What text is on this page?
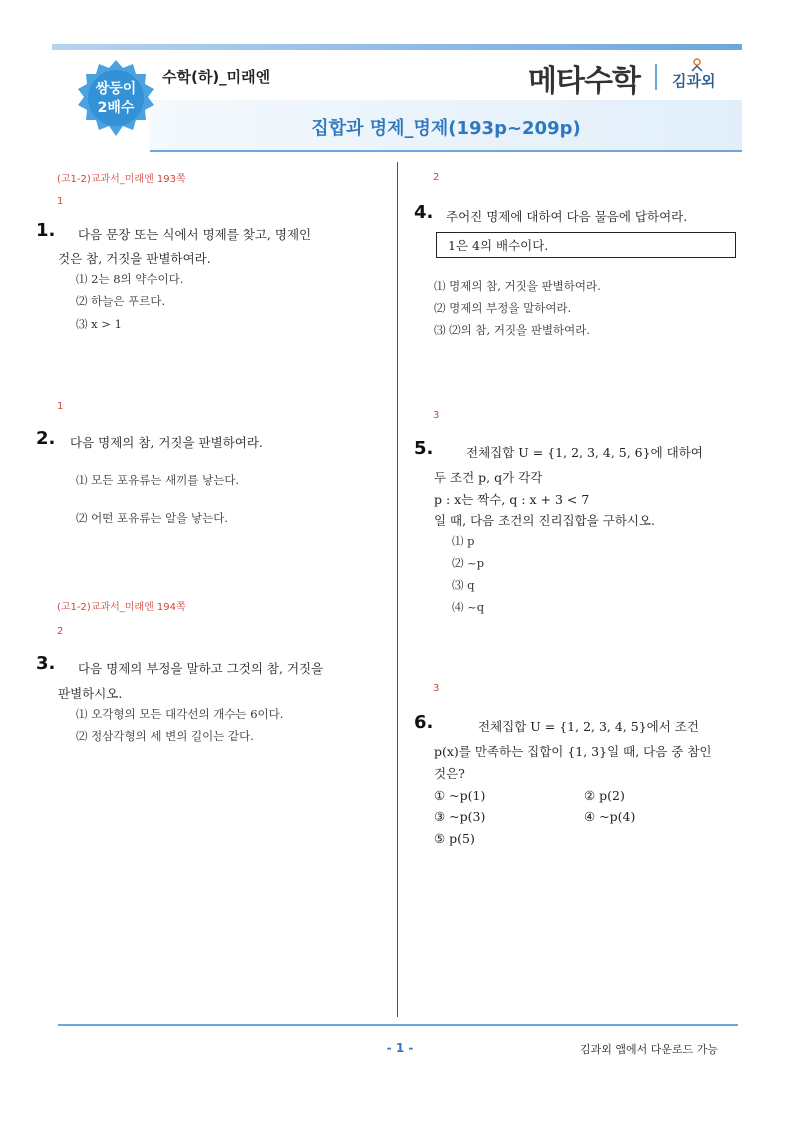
쌍둥이
2배수
수학(하)_미래엔	메타수학 김과외
집합과 명제_명제(193p~209p)
(고1-2)교과서_미래엔 193쪽
1
1. 다음 문장 또는 식에서 명제를 찾고, 명제인
것은 참, 거짓을 판별하여라.
⑴ 2는 8의 약수이다.
⑵ 하늘은 푸르다.
⑶ x > 1
1
2. 다음 명제의 참, 거짓을 판별하여라.
⑴ 모든 포유류는 새끼를 낳는다.
⑵ 어떤 포유류는 알을 낳는다.
(고1-2)교과서_미래엔 194쪽
2
3. 다음 명제의 부정을 말하고 그것의 참, 거짓을
판별하시오.
⑴ 오각형의 모든 대각선의 개수는 6이다.
⑵ 정삼각형의 세 변의 길이는 같다.
2
4. 주어진 명제에 대하여 다음 물음에 답하여라.
1은 4의 배수이다.
⑴ 명제의 참, 거짓을 판별하여라.
⑵ 명제의 부정을 말하여라.
⑶ ⑵의 참, 거짓을 판별하여라.
3
5.	전체집합 U = {1, 2, 3, 4, 5, 6}에 대하여
두 조건 p, q가 각각
p : x는 짝수, q : x + 3 < 7
일 때, 다음 조건의 진리집합을 구하시오.
⑴ p
⑵ ~p
⑶ q
⑷ ~q
3
6.	전체집합 U = {1, 2, 3, 4, 5}에서 조건
p(x)를 만족하는 집합이 {1, 3}일 때, 다음 중 참인
것은?
① ~p(1)	② p(2)
③ ~p(3)	④ ~p(4)
⑤ p(5)
- 1 -	김과외 앱에서 다운로드 가능
